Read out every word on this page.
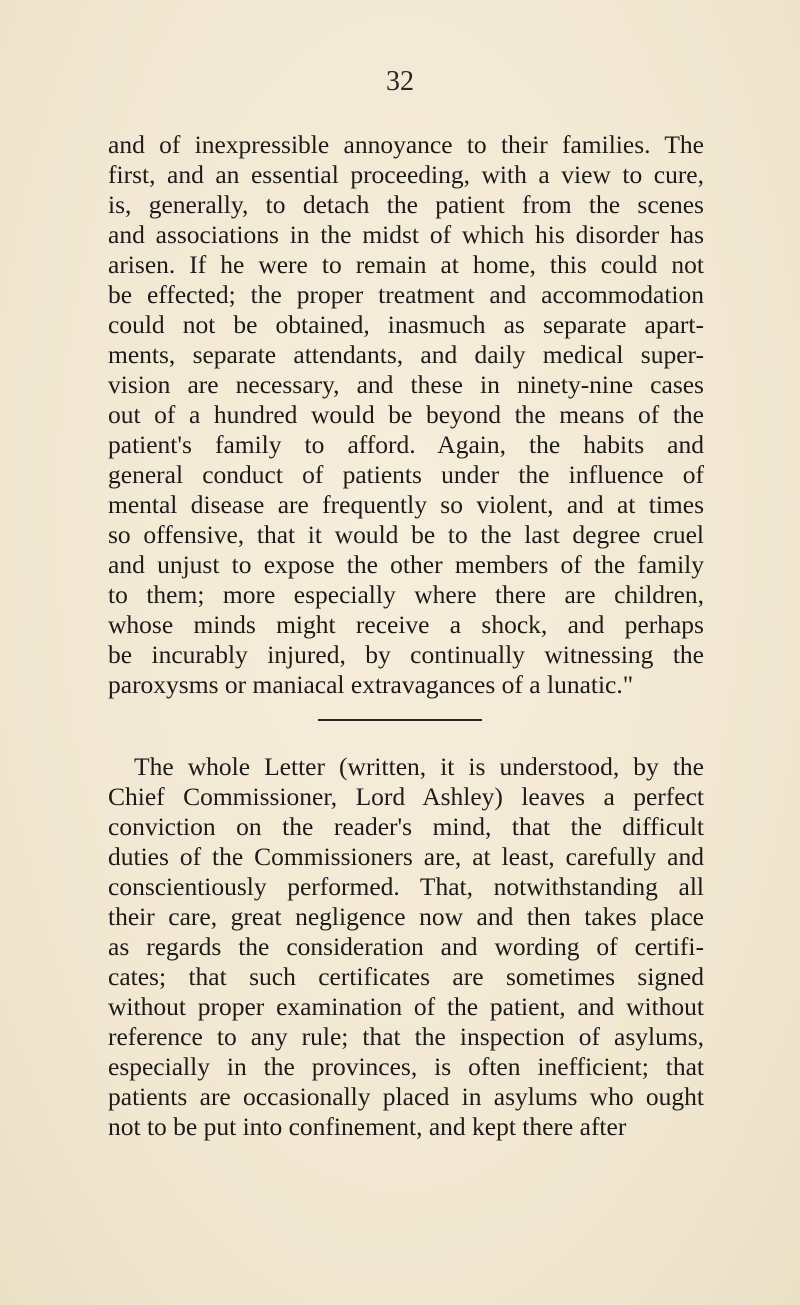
32
and of inexpressible annoyance to their families. The
first, and an essential proceeding, with a view to cure,
is, generally, to detach the patient from the scenes
and associations in the midst of which his disorder has
arisen. If he were to remain at home, this could not
be effected; the proper treatment and accommodation
could not be obtained, inasmuch as separate apart-
ments, separate attendants, and daily medical super-
vision are necessary, and these in ninety-nine cases
out of a hundred would be beyond the means of the
patient's family to afford. Again, the habits and
general conduct of patients under the influence of
mental disease are frequently so violent, and at times
so offensive, that it would be to the last degree cruel
and unjust to expose the other members of the family
to them; more especially where there are children,
whose minds might receive a shock, and perhaps
be incurably injured, by continually witnessing the
paroxysms or maniacal extravagances of a lunatic."
The whole Letter (written, it is understood, by the
Chief Commissioner, Lord Ashley) leaves a perfect
conviction on the reader's mind, that the difficult
duties of the Commissioners are, at least, carefully and
conscientiously performed. That, notwithstanding all
their care, great negligence now and then takes place
as regards the consideration and wording of certifi-
cates; that such certificates are sometimes signed
without proper examination of the patient, and without
reference to any rule; that the inspection of asylums,
especially in the provinces, is often inefficient; that
patients are occasionally placed in asylums who ought
not to be put into confinement, and kept there after
